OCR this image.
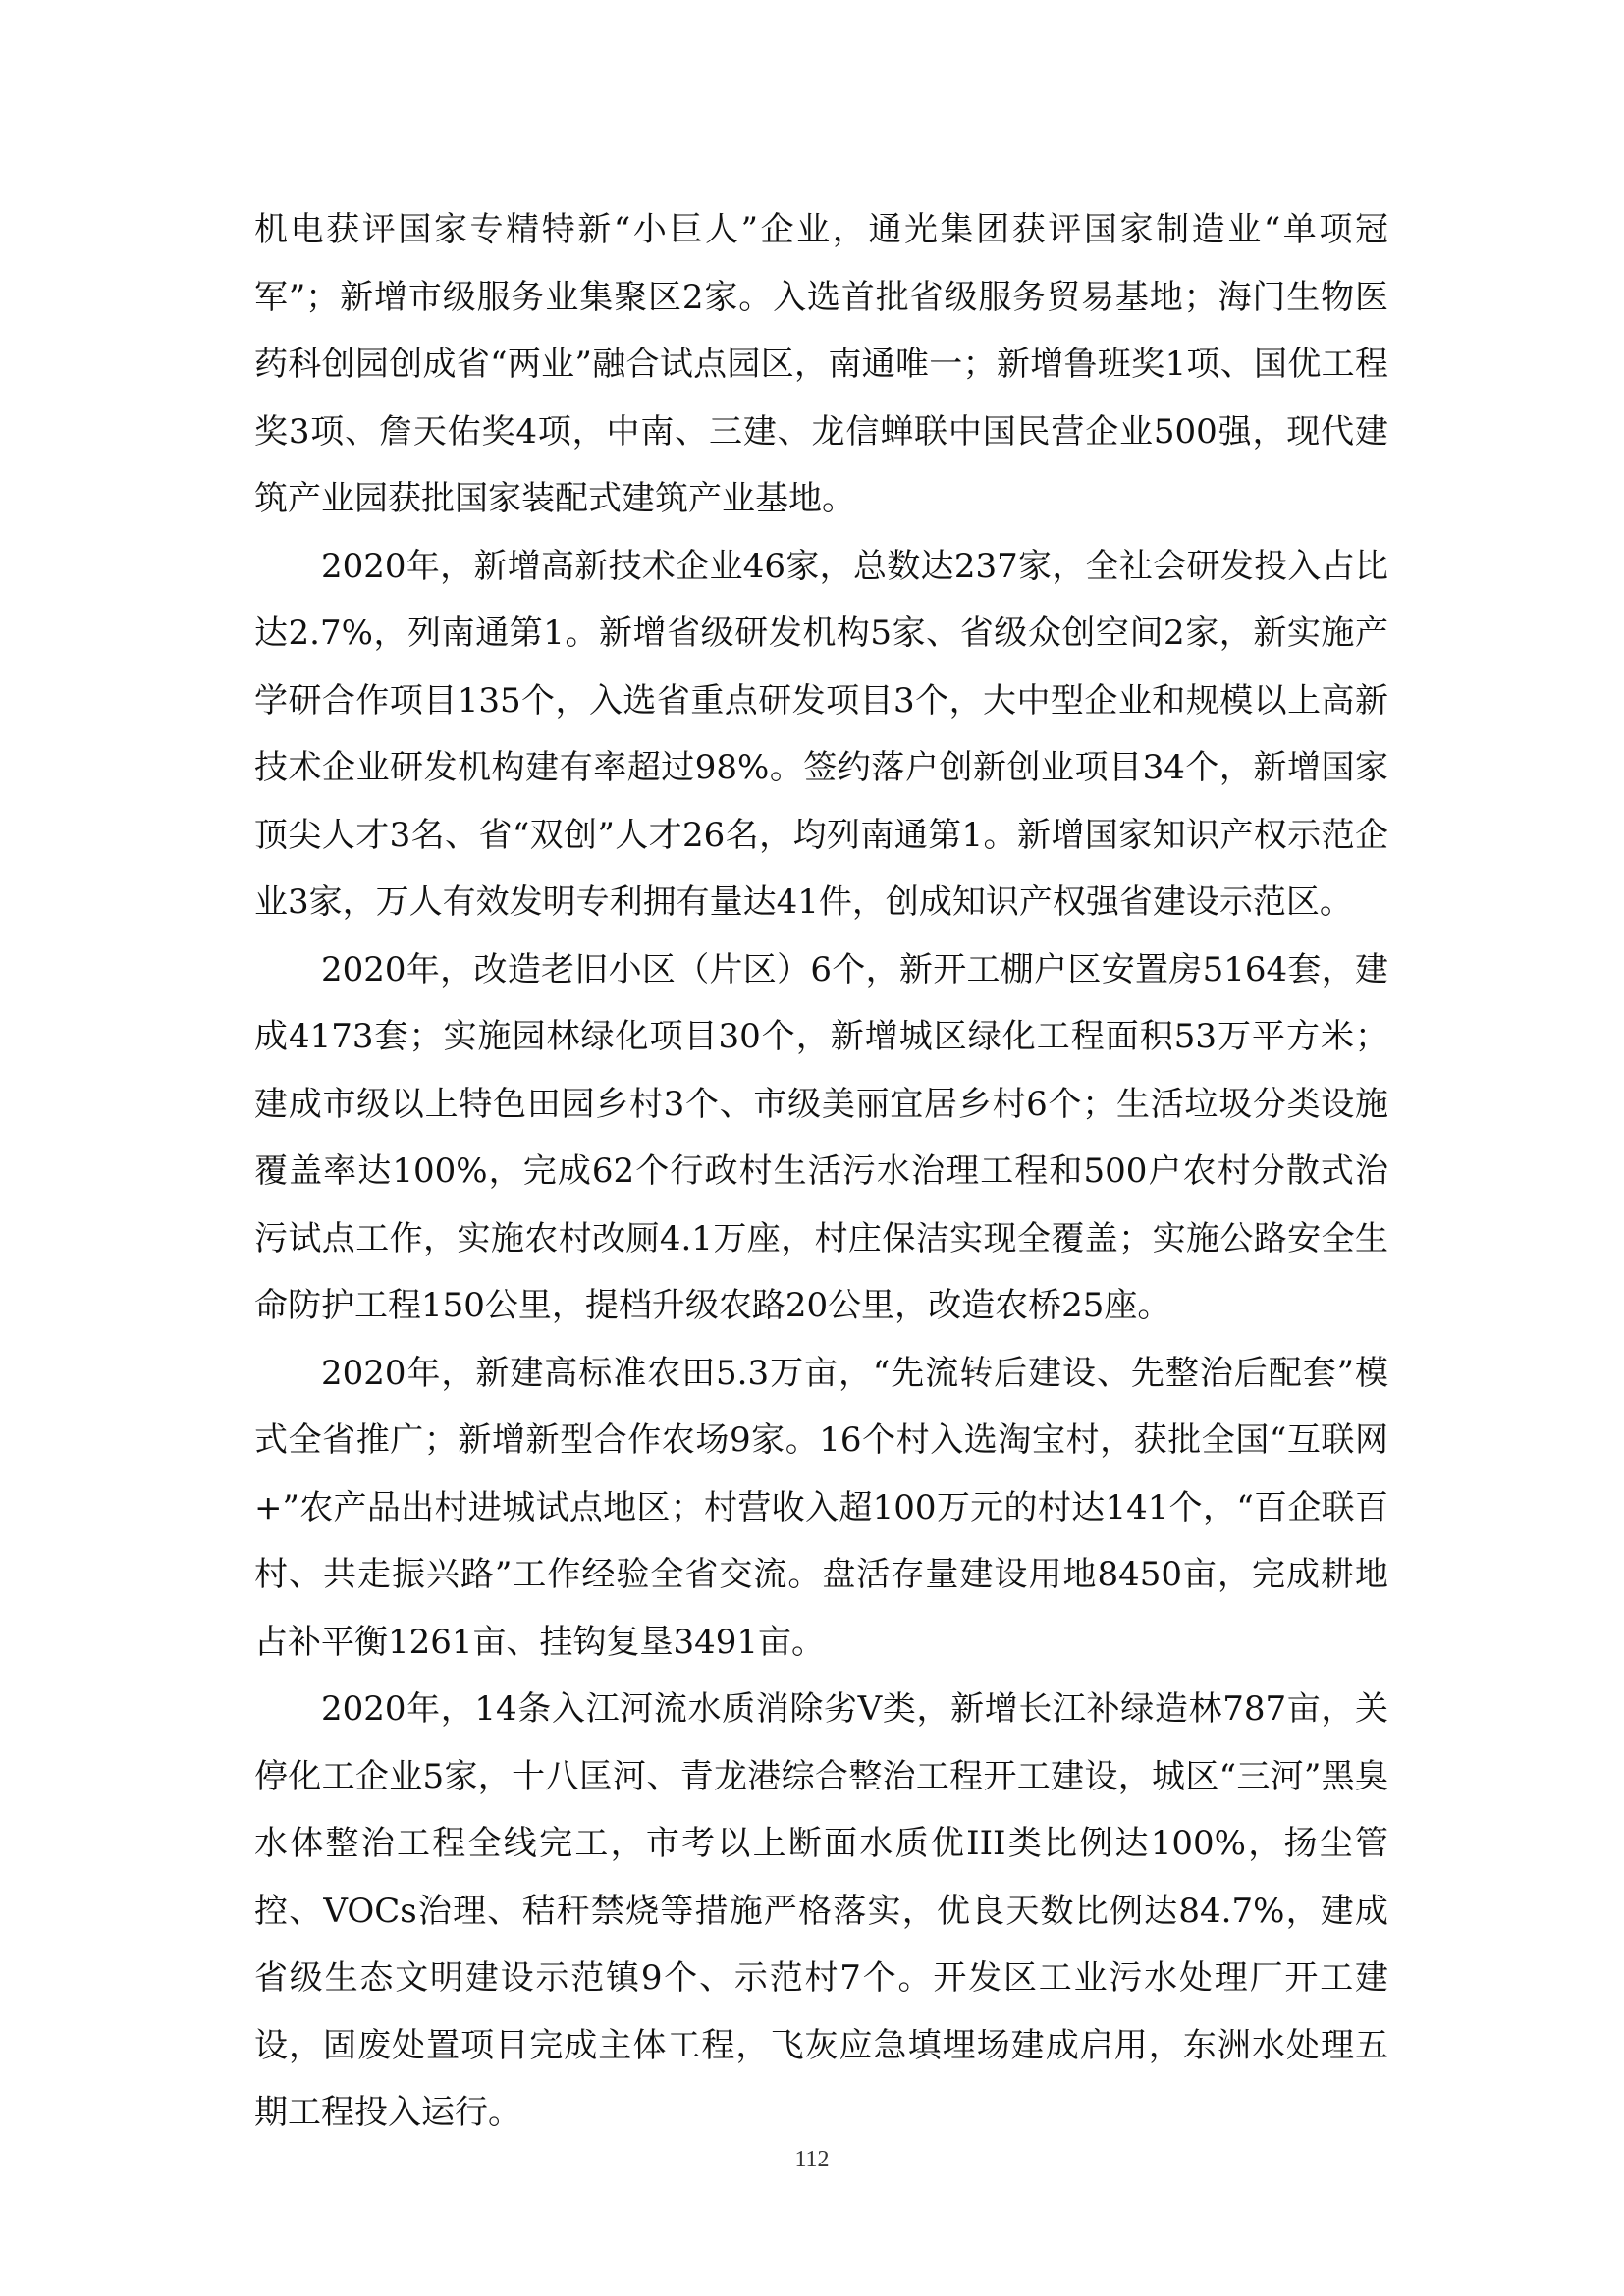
机电获评国家专精特新“小巨人”企业，通光集团获评国家制造业“单项冠军”；新增市级服务业集聚区2家。入选首批省级服务贸易基地；海门生物医药科创园创成省“两业”融合试点园区，南通唯一；新增鲁班奖1项、国优工程奖3项、詹天佑奖4项，中南、三建、龙信蝉联中国民营企业500强，现代建筑产业园获批国家装配式建筑产业基地。

2020年，新增高新技术企业46家，总数达237家，全社会研发投入占比达2.7%，列南通第1。新增省级研发机构5家、省级众创空间2家，新实施产学研合作项目135个，入选省重点研发项目3个，大中型企业和规模以上高新技术企业研发机构建有率超过98%。签约落户创新创业项目34个，新增国家顶尖人才3名、省“双创”人才26名，均列南通第1。新增国家知识产权示范企业3家，万人有效发明专利拥有量达41件，创成知识产权强省建设示范区。

2020年，改造老旧小区（片区）6个，新开工棚户区安置房5164套，建成4173套；实施园林绿化项目30个，新增城区绿化工程面积53万平方米；建成市级以上特色田园乡村3个、市级美丽宜居乡村6个；生活垃圾分类设施覆盖率达100%，完成62个行政村生活污水治理工程和500户农村分散式治污试点工作，实施农村改厕4.1万座，村庄保洁实现全覆盖；实施公路安全生命防护工程150公里，提档升级农路20公里，改造农桥25座。

2020年，新建高标准农田5.3万亩，“先流转后建设、先整治后配套”模式全省推广；新增新型合作农场9家。16个村入选淘宝村，获批全国“互联网+”农产品出村进城试点地区；村营收入超100万元的村达141个，“百企联百村、共走振兴路”工作经验全省交流。盘活存量建设用地8450亩，完成耕地占补平衡1261亩、挂钩复垦3491亩。

2020年，14条入江河流水质消除劣V类，新增长江补绿造林787亩，关停化工企业5家，十八匡河、青龙港综合整治工程开工建设，城区“三河”黑臭水体整治工程全线完工，市考以上断面水质优III类比例达100%，扬尘管控、VOCs治理、秸秆禁烧等措施严格落实，优良天数比例达84.7%，建成省级生态文明建设示范镇9个、示范村7个。开发区工业污水处理厂开工建设，固废处置项目完成主体工程，飞灰应急填埋场建成启用，东洲水处理五期工程投入运行。

112
